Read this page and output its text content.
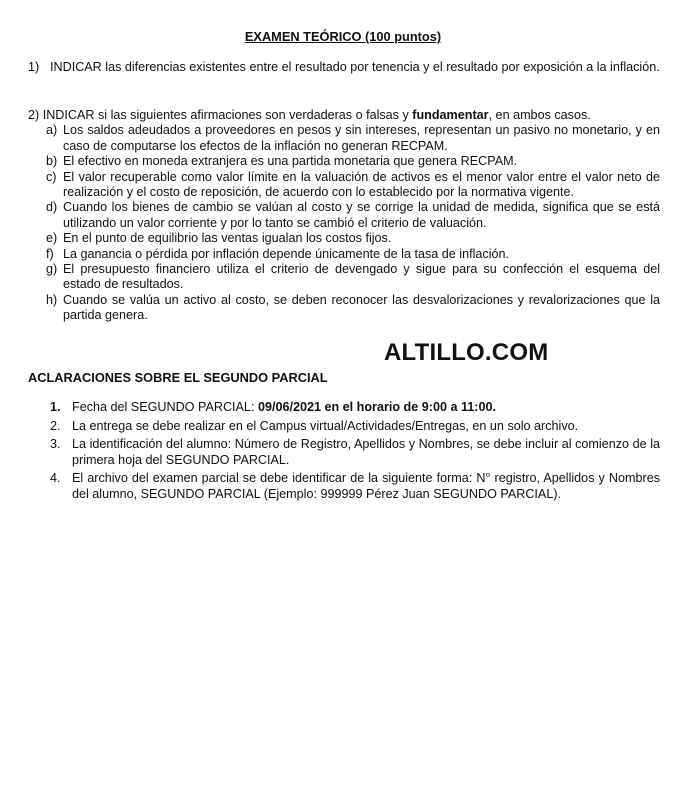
EXAMEN TEÓRICO (100 puntos)
1) INDICAR las diferencias existentes entre el resultado por tenencia y el resultado por exposición a la inflación.

2) INDICAR si las siguientes afirmaciones son verdaderas o falsas y fundamentar, en ambos casos.

a) Los saldos adeudados a proveedores en pesos y sin intereses, representan un pasivo no monetario, y en caso de computarse los efectos de la inflación no generan RECPAM.
b) El efectivo en moneda extranjera es una partida monetaria que genera RECPAM.
c) El valor recuperable como valor límite en la valuación de activos es el menor valor entre el valor neto de realización y el costo de reposición, de acuerdo con lo establecido por la normativa vigente.
d) Cuando los bienes de cambio se valúan al costo y se corrige la unidad de medida, significa que se está utilizando un valor corriente y por lo tanto se cambió el criterio de valuación.
e) En el punto de equilibrio las ventas igualan los costos fijos.
f) La ganancia o pérdida por inflación depende únicamente de la tasa de inflación.
g) El presupuesto financiero utiliza el criterio de devengado y sigue para su confección el esquema del estado de resultados.
h) Cuando se valúa un activo al costo, se deben reconocer las desvalorizaciones y revalorizaciones que la partida genera.
ALTILLO.COM
ACLARACIONES SOBRE EL SEGUNDO PARCIAL
1. Fecha del SEGUNDO PARCIAL: 09/06/2021 en el horario de 9:00 a 11:00.
2. La entrega se debe realizar en el Campus virtual/Actividades/Entregas, en un solo archivo.
3. La identificación del alumno: Número de Registro, Apellidos y Nombres, se debe incluir al comienzo de la primera hoja del SEGUNDO PARCIAL.
4. El archivo del examen parcial se debe identificar de la siguiente forma: N° registro, Apellidos y Nombres del alumno, SEGUNDO PARCIAL (Ejemplo: 999999 Pérez Juan SEGUNDO PARCIAL).
